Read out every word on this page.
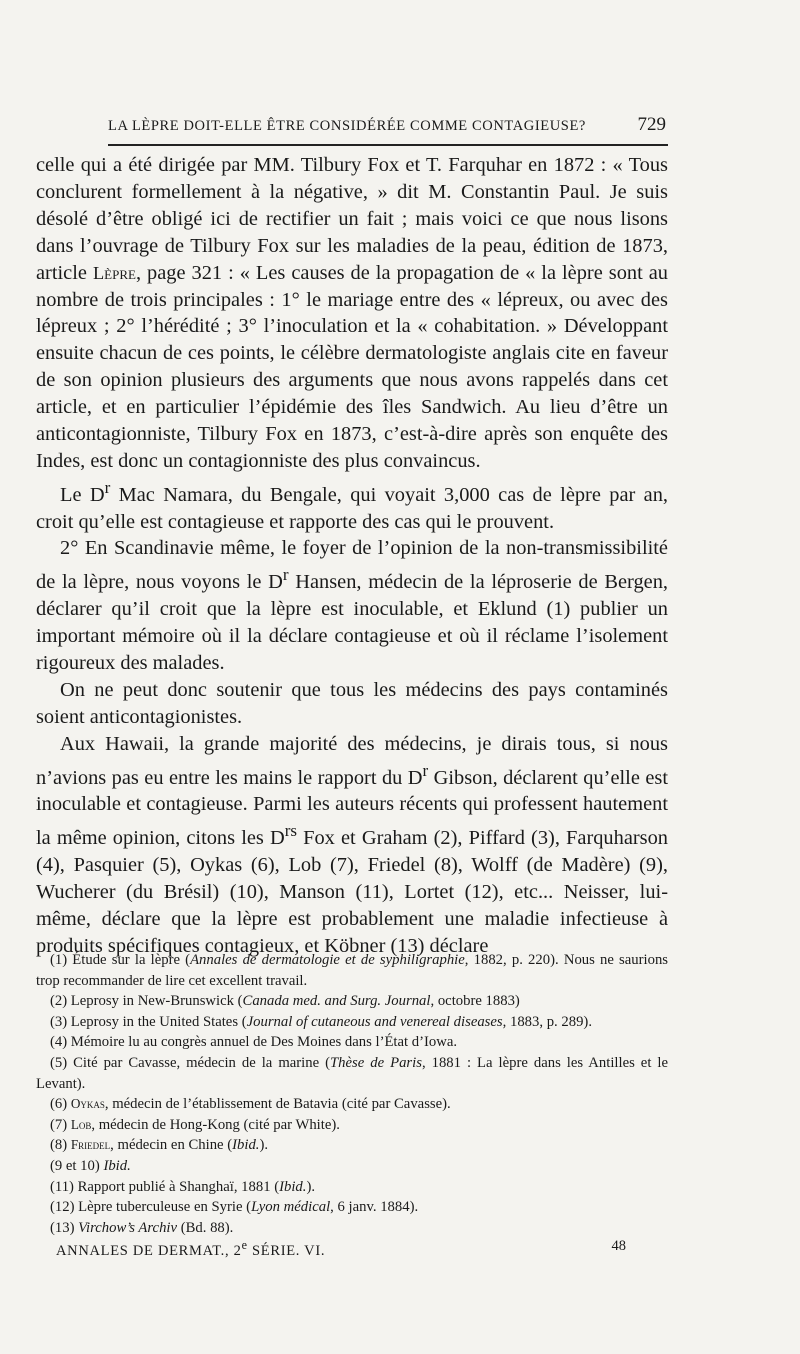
LA LÈPRE DOIT-ELLE ÊTRE CONSIDÉRÉE COMME CONTAGIEUSE?	729

celle qui a été dirigée par MM. Tilbury Fox et T. Farquhar en 1872 : « Tous conclurent formellement à la négative, » dit M. Constantin Paul. Je suis désolé d’être obligé ici de rectifier un fait ; mais voici ce que nous lisons dans l’ouvrage de Tilbury Fox sur les maladies de la peau, édition de 1873, article Lèpre, page 321 : « Les causes de la propagation de « la lèpre sont au nombre de trois principales : 1° le mariage entre des « lépreux, ou avec des lépreux ; 2° l’hérédité ; 3° l’inoculation et la « cohabitation. » Développant ensuite chacun de ces points, le célèbre dermatologiste anglais cite en faveur de son opinion plusieurs des arguments que nous avons rappelés dans cet article, et en particulier l’épidémie des îles Sandwich. Au lieu d’être un anticontagionniste, Tilbury Fox en 1873, c’est-à-dire après son enquête des Indes, est donc un contagionniste des plus convaincus.

Le $D^r$ Mac Namara, du Bengale, qui voyait 3,000 cas de lèpre par an, croit qu’elle est contagieuse et rapporte des cas qui le prouvent.

2° En Scandinavie même, le foyer de l’opinion de la non-transmissibilité de la lèpre, nous voyons le $D^r$ Hansen, médecin de la léproserie de Bergen, déclarer qu’il croit que la lèpre est inoculable, et Eklund (1) publier un important mémoire où il la déclare contagieuse et où il réclame l’isolement rigoureux des malades.

On ne peut donc soutenir que tous les médecins des pays contaminés soient anticontagionistes.

Aux Hawaii, la grande majorité des médecins, je dirais tous, si nous n’avions pas eu entre les mains le rapport du $D^r$ Gibson, déclarent qu’elle est inoculable et contagieuse. Parmi les auteurs récents qui professent hautement la même opinion, citons les $D^{rs}$ Fox et Graham (2), Piffard (3), Farquharson (4), Pasquier (5), Oykas (6), Lob (7), Friedel (8), Wolff (de Madère) (9), Wucherer (du Brésil) (10), Manson (11), Lortet (12), etc... Neisser, lui-même, déclare que la lèpre est probablement une maladie infectieuse à produits spécifiques contagieux, et Köbner (13) déclare

(1) Étude sur la lèpre (Annales de dermatologie et de syphiligraphie, 1882, p. 220). Nous ne saurions trop recommander de lire cet excellent travail.

(2) Leprosy in New-Brunswick (Canada med. and Surg. Journal, octobre 1883)

(3) Leprosy in the United States (Journal of cutaneous and venereal diseases, 1883, p. 289).

(4) Mémoire lu au congrès annuel de Des Moines dans l’État d’Iowa.

(5) Cité par Cavasse, médecin de la marine (Thèse de Paris, 1881 : La lèpre dans les Antilles et le Levant).

(6) Oykas, médecin de l’établissement de Batavia (cité par Cavasse).

(7) Lob, médecin de Hong-Kong (cité par White).

(8) Friedel, médecin en Chine (Ibid.).

(9 et 10) Ibid.

(11) Rapport publié à Shanghaï, 1881 (Ibid.).

(12) Lèpre tuberculeuse en Syrie (Lyon médical, 6 janv. 1884).

(13) Virchow’s Archiv (Bd. 88).

ANNALES DE DERMAT., 2e SÉRIE. VI.	48
